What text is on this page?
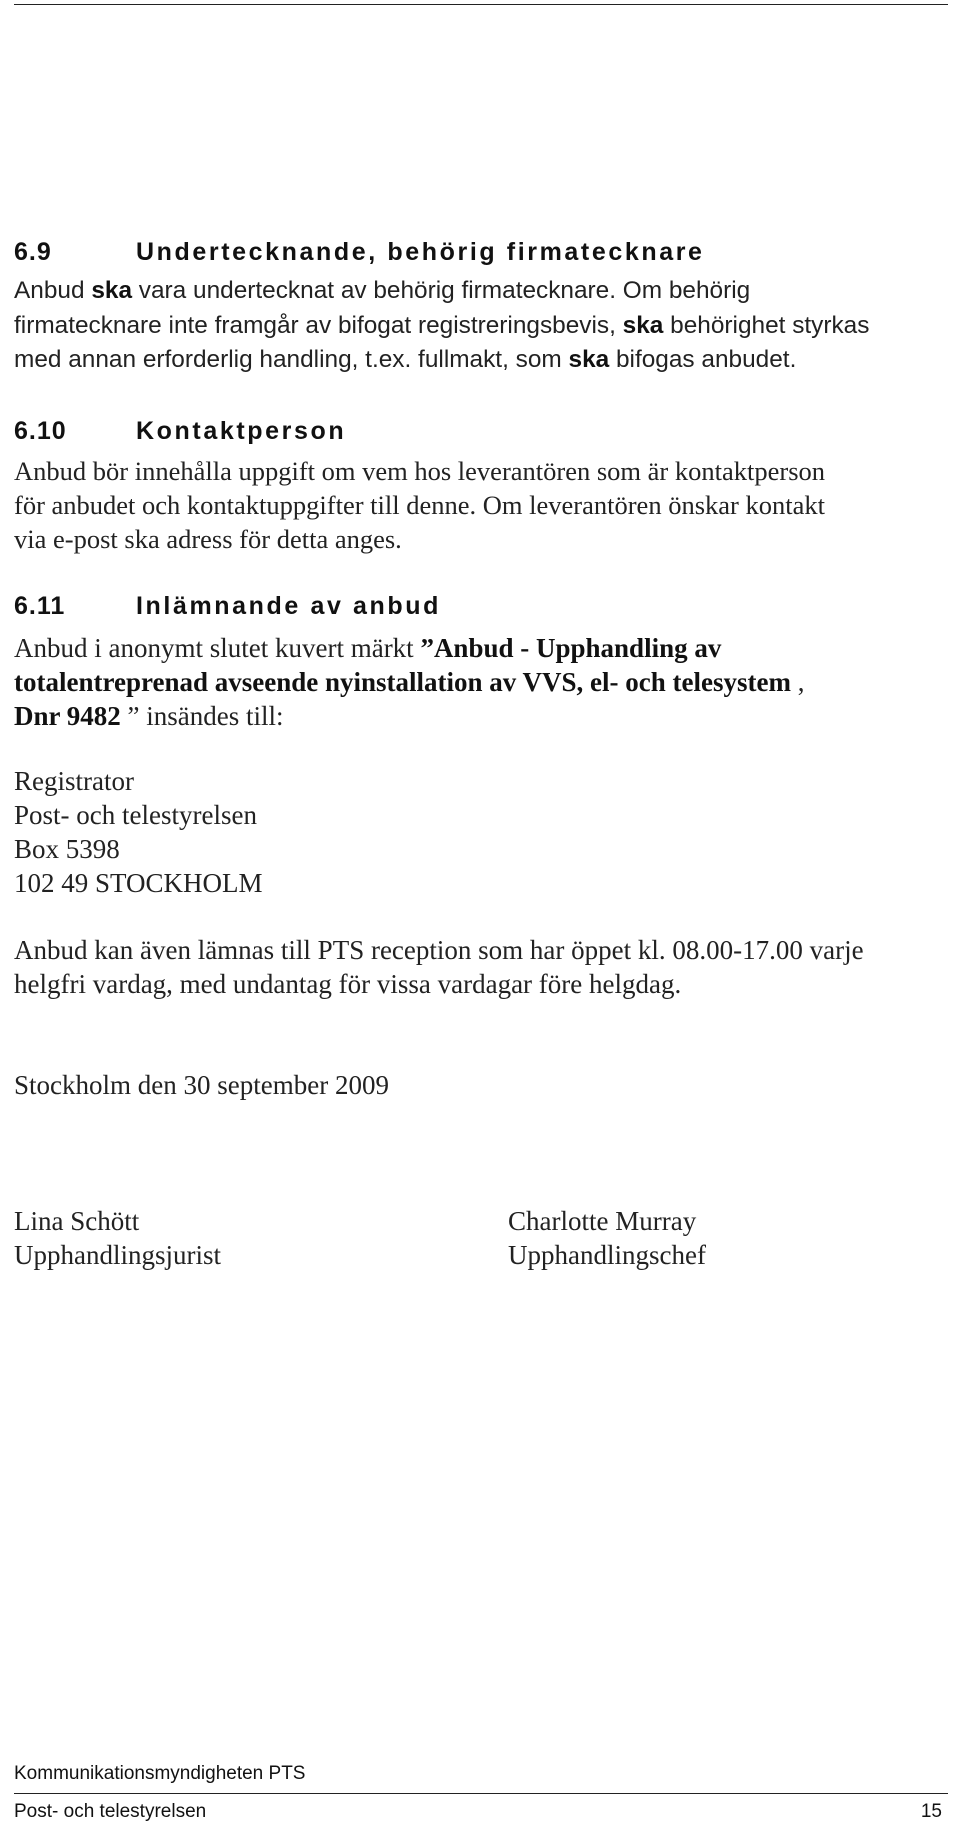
6.9	Undertecknande, behörig firmatecknare

Anbud ska vara undertecknat av behörig firmatecknare. Om behörig
firmatecknare inte framgår av bifogat registreringsbevis, ska behörighet styrkas
med annan erforderlig handling, t.ex. fullmakt, som ska bifogas anbudet.

6.10	Kontaktperson

Anbud bör innehålla uppgift om vem hos leverantören som är kontaktperson
för anbudet och kontaktuppgifter till denne. Om leverantören önskar kontakt
via e-post ska adress för detta anges.

6.11	Inlämnande av anbud

Anbud i anonymt slutet kuvert märkt ”Anbud - Upphandling av
totalentreprenad avseende nyinstallation av VVS, el- och telesystem ,
Dnr 9482 ” insändes till:

Registrator
Post- och telestyrelsen
Box 5398
102 49 STOCKHOLM

Anbud kan även lämnas till PTS reception som har öppet kl. 08.00-17.00 varje
helgfri vardag, med undantag för vissa vardagar före helgdag.

Stockholm den 30 september 2009

Lina Schött
Upphandlingsjurist

Charlotte Murray
Upphandlingschef

Kommunikationsmyndigheten PTS
Post- och telestyrelsen	15
